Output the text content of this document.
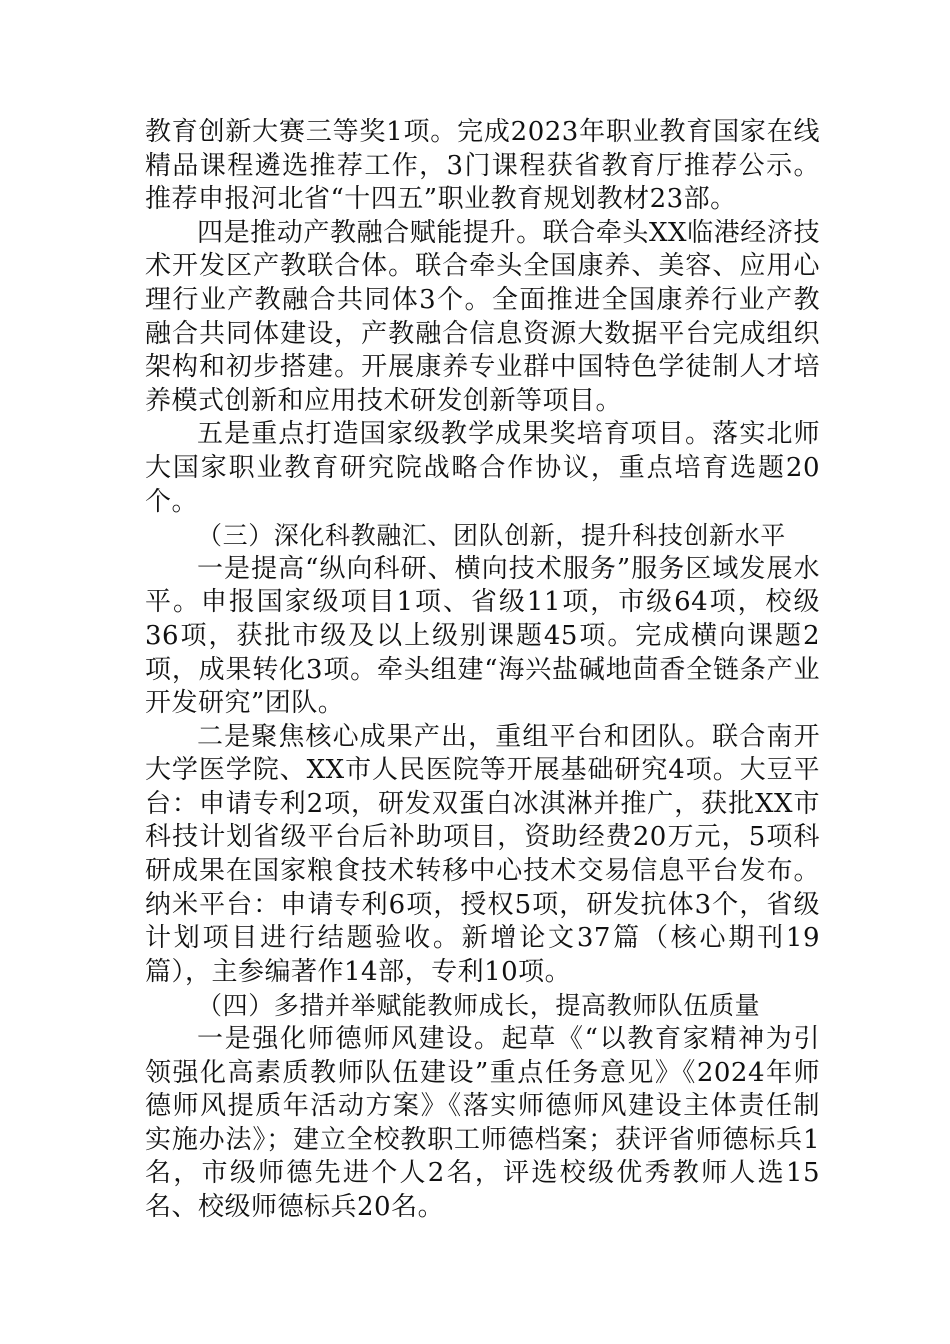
教育创新大赛三等奖1项。完成2023年职业教育国家在线精品课程遴选推荐工作，3门课程获省教育厅推荐公示。推荐申报河北省“十四五”职业教育规划教材23部。

四是推动产教融合赋能提升。联合牵头XX临港经济技术开发区产教联合体。联合牵头全国康养、美容、应用心理行业产教融合共同体3个。全面推进全国康养行业产教融合共同体建设，产教融合信息资源大数据平台完成组织架构和初步搭建。开展康养专业群中国特色学徒制人才培养模式创新和应用技术研发创新等项目。

五是重点打造国家级教学成果奖培育项目。落实北师大国家职业教育研究院战略合作协议，重点培育选题20个。

（三）深化科教融汇、团队创新，提升科技创新水平

一是提高“纵向科研、横向技术服务”服务区域发展水平。申报国家级项目1项、省级11项，市级64项，校级36项，获批市级及以上级别课题45项。完成横向课题2项，成果转化3项。牵头组建“海兴盐碱地茴香全链条产业开发研究”团队。

二是聚焦核心成果产出，重组平台和团队。联合南开大学医学院、XX市人民医院等开展基础研究4项。大豆平台：申请专利2项，研发双蛋白冰淇淋并推广，获批XX市科技计划省级平台后补助项目，资助经费20万元，5项科研成果在国家粮食技术转移中心技术交易信息平台发布。纳米平台：申请专利6项，授权5项，研发抗体3个，省级计划项目进行结题验收。新增论文37篇（核心期刊19篇），主参编著作14部，专利10项。

（四）多措并举赋能教师成长，提高教师队伍质量

一是强化师德师风建设。起草《“以教育家精神为引领强化高素质教师队伍建设”重点任务意见》《2024年师德师风提质年活动方案》《落实师德师风建设主体责任制实施办法》；建立全校教职工师德档案；获评省师德标兵1名，市级师德先进个人2名，评选校级优秀教师人选15名、校级师德标兵20名。
